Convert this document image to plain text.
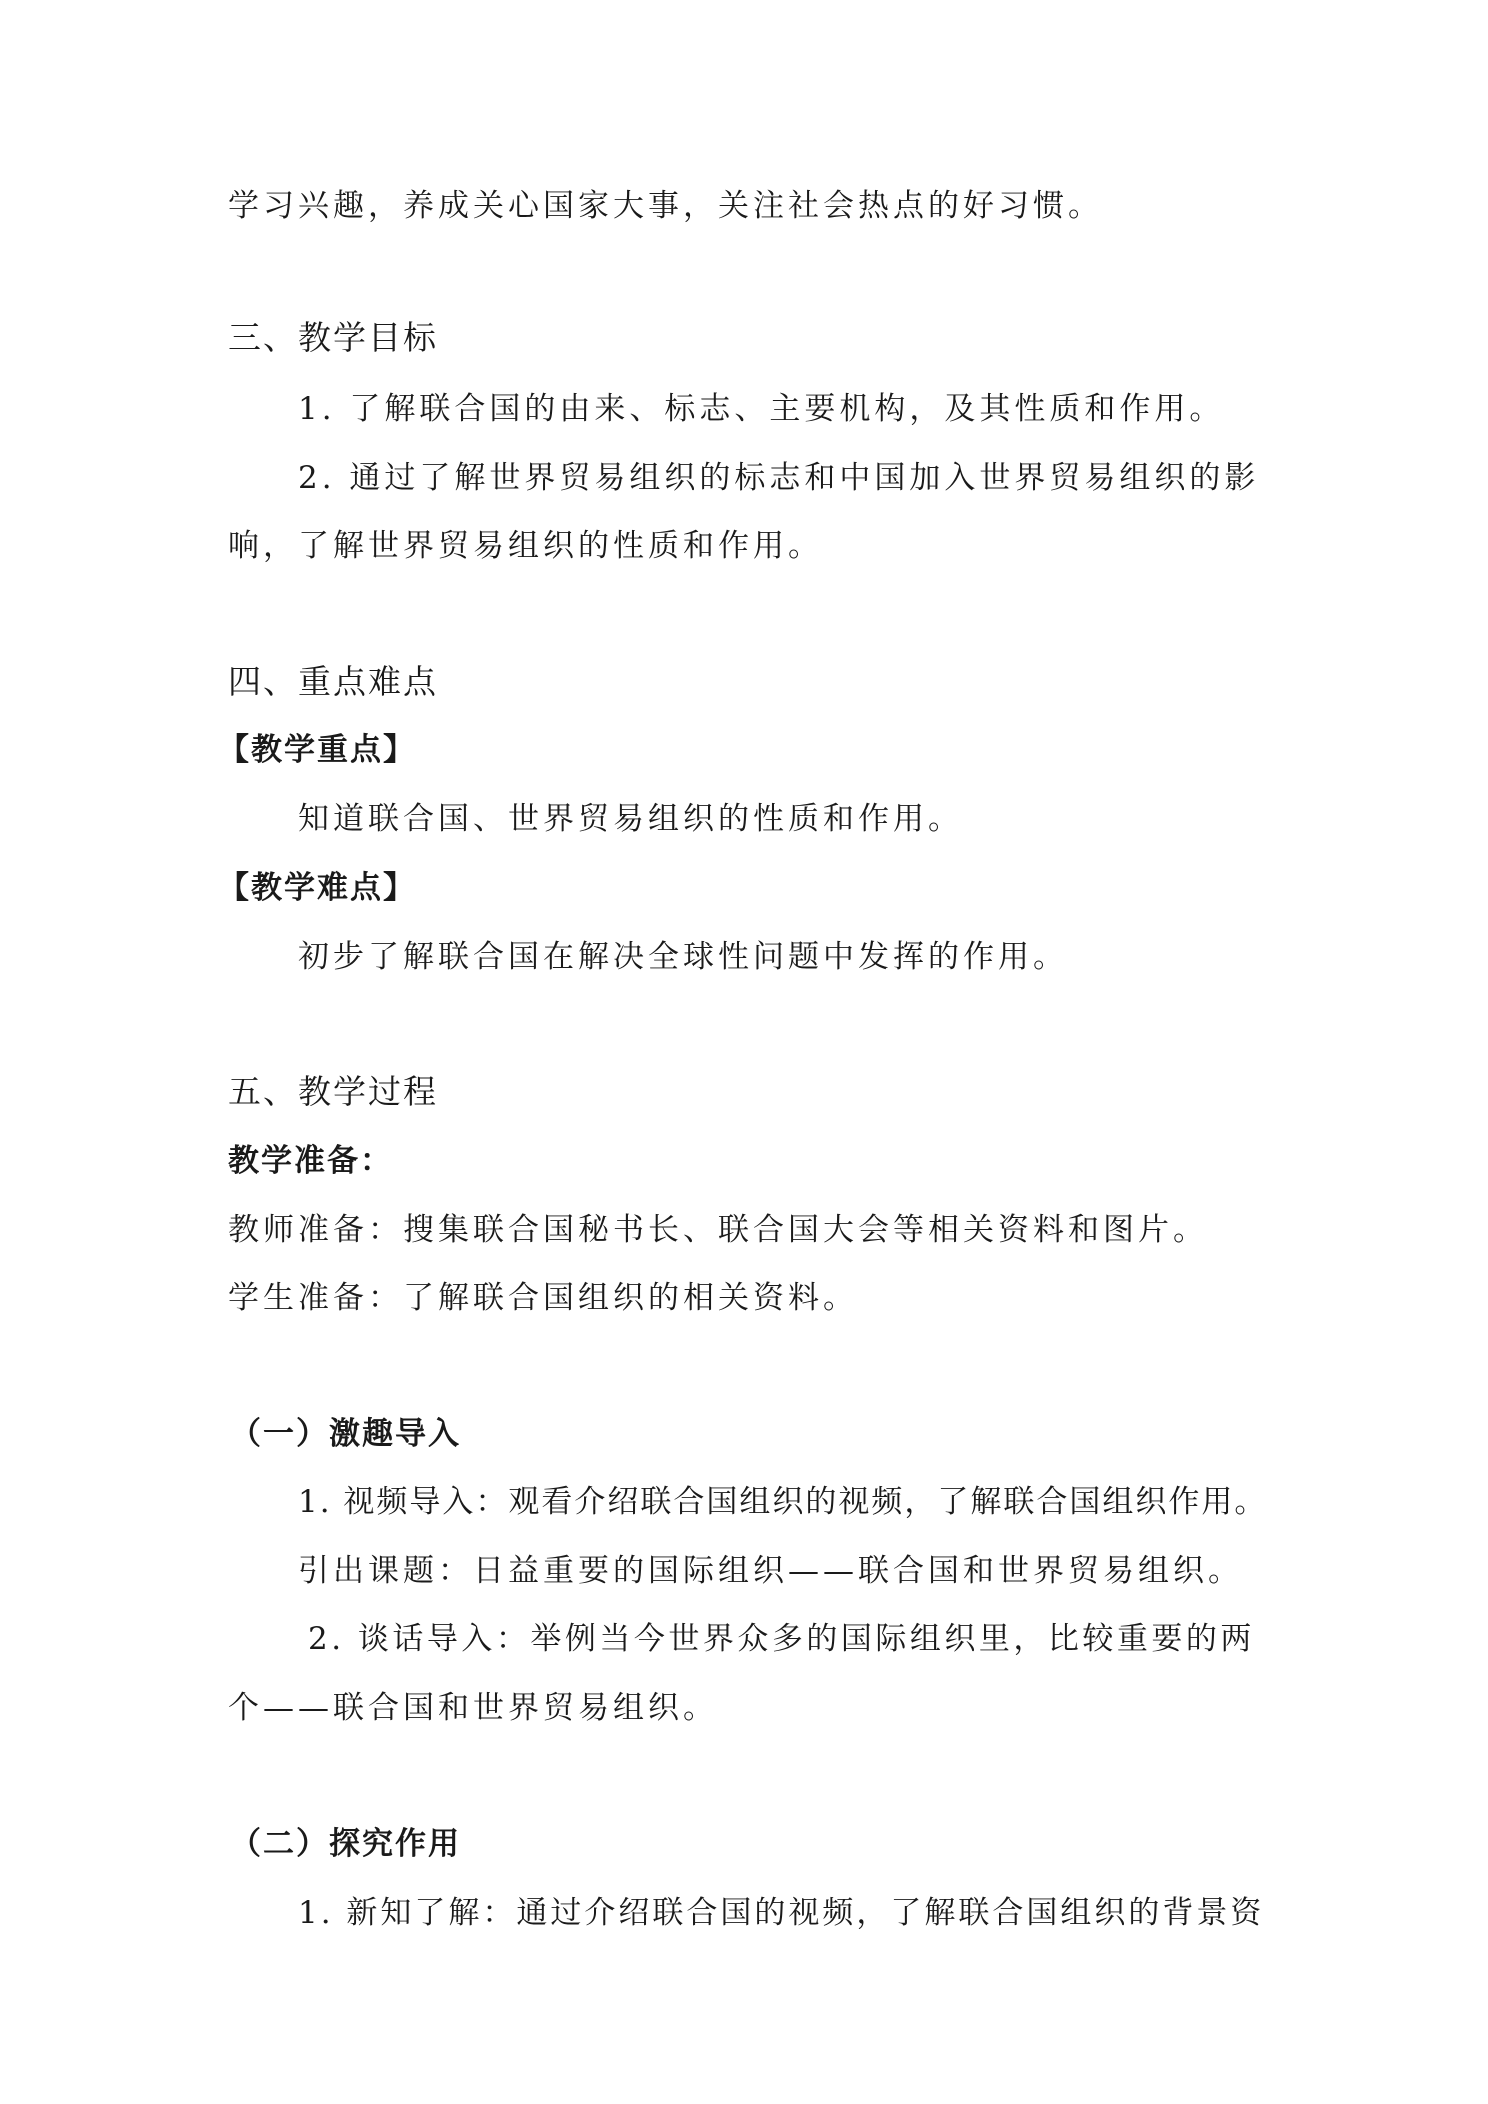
学习兴趣，养成关心国家大事，关注社会热点的好习惯。
三、教学目标
1. 了解联合国的由来、标志、主要机构，及其性质和作用。
2. 通过了解世界贸易组织的标志和中国加入世界贸易组织的影
响，了解世界贸易组织的性质和作用。
四、重点难点
【教学重点】
知道联合国、世界贸易组织的性质和作用。
【教学难点】
初步了解联合国在解决全球性问题中发挥的作用。
五、教学过程
教学准备：
教师准备：搜集联合国秘书长、联合国大会等相关资料和图片。
学生准备：了解联合国组织的相关资料。
（一）激趣导入
1. 视频导入：观看介绍联合国组织的视频，了解联合国组织作用。
引出课题：日益重要的国际组织——联合国和世界贸易组织。
2. 谈话导入：举例当今世界众多的国际组织里，比较重要的两
个——联合国和世界贸易组织。
（二）探究作用
1. 新知了解：通过介绍联合国的视频，了解联合国组织的背景资
